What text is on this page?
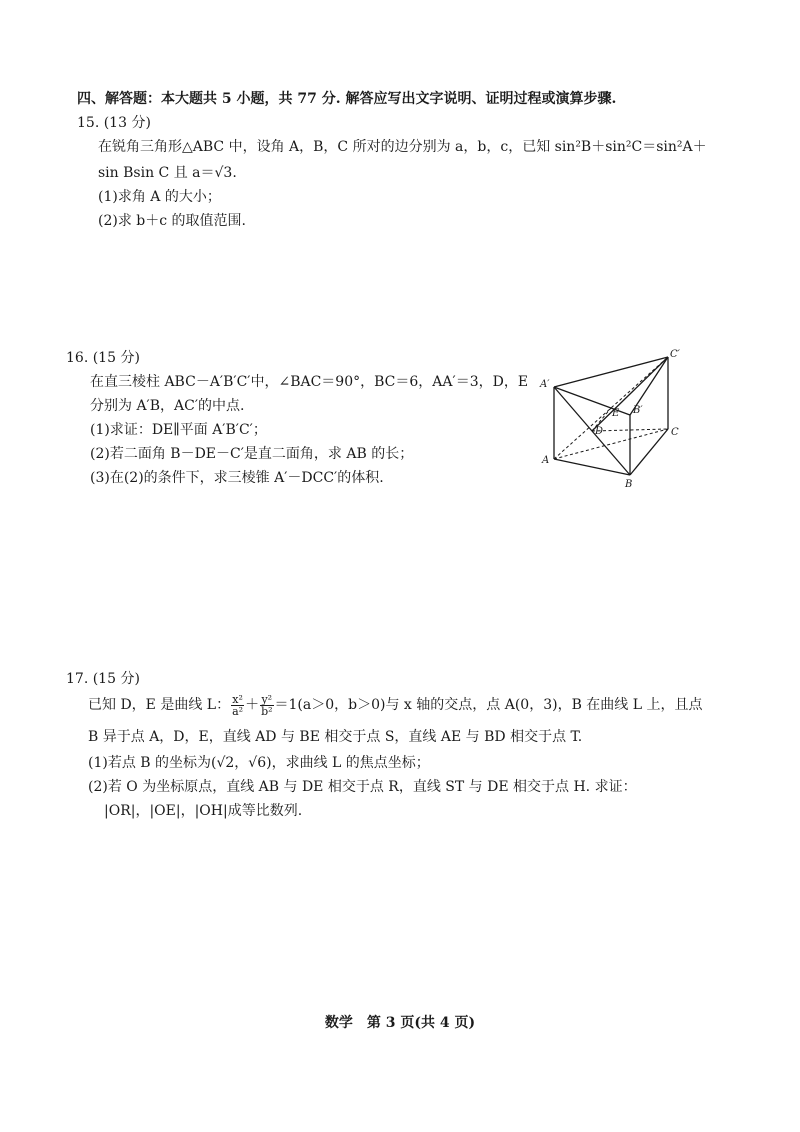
四、解答题：本大题共 5 小题，共 77 分. 解答应写出文字说明、证明过程或演算步骤.
15. (13 分)
在锐角三角形△ABC 中，设角 A，B，C 所对的边分别为 a，b，c，已知 sin²B＋sin²C＝sin²A＋
sin Bsin C 且 a＝√3.
(1)求角 A 的大小；
(2)求 b＋c 的取值范围.
16. (15 分)
在直三棱柱 ABC－A′B′C′中，∠BAC＝90°，BC＝6，AA′＝3，D，E
分别为 A′B，AC′的中点.
(1)求证：DE∥平面 A′B′C′；
(2)若二面角 B－DE－C′是直二面角，求 AB 的长；
(3)在(2)的条件下，求三棱锥 A′－DCC′的体积.
A′
C′
B′
A
B
C
D
E
17. (15 分)
已知 D，E 是曲线 L： $\frac{\text{x²}}{\text{a²}} + \frac{\text{y²}}{\text{b²}} =1(a>0$，b＞0)与 x 轴的交点，点 A(0，3)，B 在曲线 L 上，且点
B 异于点 A，D，E，直线 AD 与 BE 相交于点 S，直线 AE 与 BD 相交于点 T.
(1)若点 B 的坐标为(√2，√6)，求曲线 L 的焦点坐标；
(2)若 O 为坐标原点，直线 AB 与 DE 相交于点 R，直线 ST 与 DE 相交于点 H. 求证：
|OR|，|OE|，|OH|成等比数列.
数学　第 3 页(共 4 页)
